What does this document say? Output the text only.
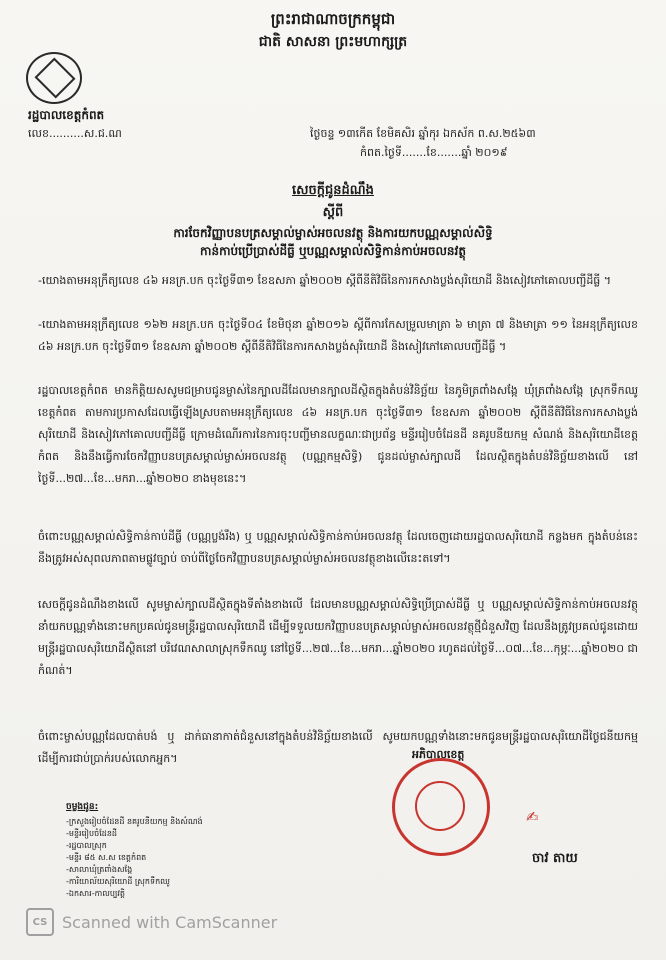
ព្រះរាជាណាចក្រកម្ពុជា
ជាតិ សាសនា ព្រះមហាក្សត្រ
រដ្ឋបាលខេត្តកំពត
លេខ..........ស.ជ.ណ	ថ្ងៃចន្ទ ១៣កើត ខែមិគសិរ ឆ្នាំកុរ ឯកស័ក ព.ស.២៥៦៣
កំពត.ថ្ងៃទី.......ខែ.......ឆ្នាំ ២០១៩
សេចក្តីជូនដំណឹង
ស្តីពី
ការចែកវិញ្ញាបនបត្រសម្គាល់ម្ចាស់អចលនវត្ថុ និងការយកបណ្ណសម្គាល់សិទ្ធិ
កាន់កាប់ប្រើប្រាស់ដីធ្លី ឬបណ្ណសម្គាល់សិទ្ធិកាន់កាប់អចលនវត្ថុ
-យោងតាមអនុក្រឹត្យលេខ ៤៦ អនក្រ.បក ចុះថ្ងៃទី៣១ ខែឧសភា ឆ្នាំ២០០២ ស្តីពីនីតិវិធីនៃការកសាងប្លង់សុរិយោដី និងសៀវភៅគោលបញ្ជីដីធ្លី ។
-យោងតាមអនុក្រឹត្យលេខ ១៦២ អនក្រ.បក ចុះថ្ងៃទី០៤ ខែមិថុនា ឆ្នាំ២០១៦ ស្តីពីការកែសម្រួលមាត្រា ៦ មាត្រា ៧ និងមាត្រា ១១ នៃអនុក្រឹត្យលេខ ៤៦ អនក្រ.បក ចុះថ្ងៃទី៣១ ខែឧសភា ឆ្នាំ២០០២ ស្តីពីនីតិវិធីនៃការកសាងប្លង់សុរិយោដី និងសៀវភៅគោលបញ្ជីដីធ្លី ។
រដ្ឋបាលខេត្តកំពត មានកិត្តិយសសូមជម្រាបជូនម្ចាស់នៃក្បាលដីដែលមានក្បាលដីស្ថិតក្នុងតំបន់វិនិច្ឆ័យ នៃភូមិត្រពាំងសង្កែ ឃុំត្រពាំងសង្កែ ស្រុកទឹកឈូ ខេត្តកំពត តាមការប្រកាសដែលធ្វើឡើងស្របតាមអនុក្រឹត្យលេខ ៤៦ អនក្រ.បក ចុះថ្ងៃទី៣១ ខែឧសភា ឆ្នាំ២០០២ ស្តីពីនីតិវិធីនៃការកសាងប្លង់សុរិយោដី និងសៀវភៅគោលបញ្ជីដីធ្លី ក្រោមដំណើរការនៃការចុះបញ្ជីមានលក្ខណៈជាប្រព័ន្ធ មន្ទីររៀបចំដែនដី នគរូបនីយកម្ម សំណង់ និងសុរិយោដីខេត្តកំពត និងនឹងធ្វើការចែកវិញ្ញាបនបត្រសម្គាល់ម្ចាស់អចលនវត្ថុ (បណ្ណកម្មសិទ្ធិ) ជូនដល់ម្ចាស់ក្បាលដី ដែលស្ថិតក្នុងតំបន់វិនិច្ឆ័យខាងលើ នៅថ្ងៃទី...២៧...ខែ...មករា...ឆ្នាំ២០២០ ខាងមុខនេះ។
ចំពោះបណ្ណសម្គាល់សិទ្ធិកាន់កាប់ដីធ្លី (បណ្ណប្លង់រឹង) ឬ បណ្ណសម្គាល់សិទ្ធិកាន់កាប់អចលនវត្ថុ ដែលចេញដោយរដ្ឋបាលសុរិយោដី កន្លងមក ក្នុងតំបន់នេះនឹងត្រូវអស់សុពលភាពតាមផ្លូវច្បាប់ ចាប់ពីថ្ងៃចែកវិញ្ញាបនបត្រសម្គាល់ម្ចាស់អចលនវត្ថុខាងលើនេះតទៅ។
សេចក្តីជូនដំណឹងខាងលើ សូមម្ចាស់ក្បាលដីស្ថិតក្នុងទីតាំងខាងលើ ដែលមានបណ្ណសម្គាល់សិទ្ធិប្រើប្រាស់ដីធ្លី ឬ បណ្ណសម្គាល់សិទ្ធិកាន់កាប់អចលនវត្ថុនាំយកបណ្ណទាំងនោះមកប្រគល់ជូនមន្ត្រីរដ្ឋបាលសុរិយោដី ដើម្បីទទួលយកវិញ្ញាបនបត្រសម្គាល់ម្ចាស់អចលនវត្ថុថ្មីជំនួសវិញ ដែលនឹងត្រូវប្រគល់ជូនដោយមន្ត្រីរដ្ឋបាលសុរិយោដីស្ថិតនៅ បរិវេណសាលាស្រុកទឹកឈូ នៅថ្ងៃទី...២៧...ខែ...មករា...ឆ្នាំ២០២០ រហូតដល់ថ្ងៃទី...០៧...ខែ...កុម្ភៈ...ឆ្នាំ២០២០ ជាកំណត់។
ចំពោះម្ចាស់បណ្ណដែលបាត់បង់ ឬ ដាក់ធានាកាត់ជំនួសនៅក្នុងតំបន់វិនិច្ឆ័យខាងលើ សូមយកបណ្ណទាំងនោះមកជូនមន្ត្រីរដ្ឋបាលសុរិយោដីថ្ងៃជនីយកម្ម ដើម្បីការជាប់ប្រាក់របស់លោកអ្នក។	អភិបាលខេត្ត
✍
ចាវ តាយ
ចម្លងជូន:
-ក្រសួងរៀបចំដែនដី នគរូបនីយកម្ម និងសំណង់
-មន្ទីររៀបចំដែនដី
-រដ្ឋបាលស្រុក
-មន្ទីរ ៨៥ ស.ស ខេត្តកំពត
-សាលាឃុំត្រពាំងសង្កែ
-ការិយាល័យសុរិយោដី ស្រុកទឹកឈូ
-ឯកសារ-កាលប្បវត្តិ
CS Scanned with CamScanner
